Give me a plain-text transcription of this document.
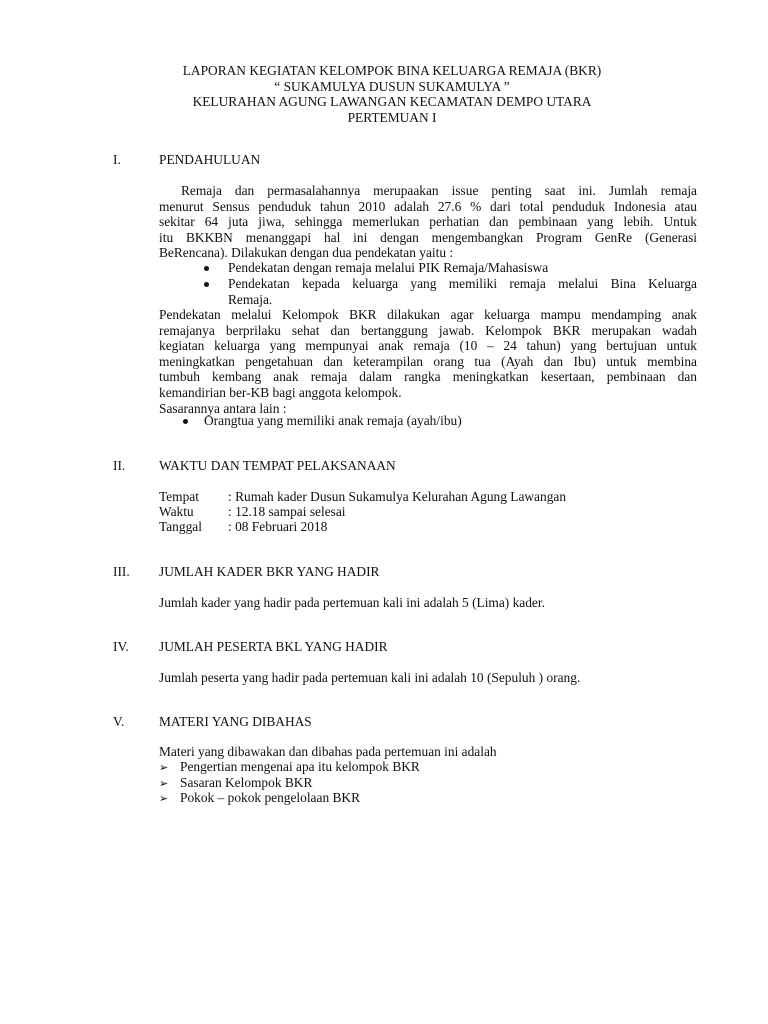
LAPORAN KEGIATAN KELOMPOK BINA KELUARGA REMAJA (BKR)
“ SUKAMULYA DUSUN SUKAMULYA ”
KELURAHAN AGUNG LAWANGAN KECAMATAN DEMPO UTARA
PERTEMUAN I
I.	PENDAHULUAN
Remaja dan permasalahannya merupaakan issue penting saat ini. Jumlah remaja
menurut Sensus penduduk tahun 2010 adalah 27.6 % dari total penduduk Indonesia atau
sekitar 64 juta jiwa, sehingga memerlukan perhatian dan pembinaan yang lebih. Untuk
itu BKKBN menanggapi hal ini dengan mengembangkan Program GenRe (Generasi
BeRencana). Dilakukan dengan dua pendekatan yaitu :
Pendekatan dengan remaja melalui PIK Remaja/Mahasiswa
Pendekatan kepada keluarga yang memiliki remaja melalui Bina Keluarga
Remaja.
Pendekatan melalui Kelompok BKR dilakukan agar keluarga mampu mendamping anak
remajanya berprilaku sehat dan bertanggung jawab. Kelompok BKR merupakan wadah
kegiatan keluarga yang mempunyai anak remaja (10 – 24 tahun) yang bertujuan untuk
meningkatkan pengetahuan dan keterampilan orang tua (Ayah dan Ibu) untuk membina
tumbuh kembang anak remaja dalam rangka meningkatkan kesertaan, pembinaan dan
kemandirian ber-KB bagi anggota kelompok.
Sasarannya antara lain :
Orangtua yang memiliki anak remaja (ayah/ibu)
II.	WAKTU DAN TEMPAT PELAKSANAAN
Tempat : Rumah kader Dusun Sukamulya Kelurahan Agung Lawangan
Waktu	: 12.18 sampai selesai
Tanggal : 08 Februari 2018
III. JUMLAH KADER BKR YANG HADIR
Jumlah kader yang hadir pada pertemuan kali ini adalah 5 (Lima) kader.
IV. JUMLAH PESERTA BKL YANG HADIR
Jumlah peserta yang hadir pada pertemuan kali ini adalah 10 (Sepuluh ) orang.
V.	MATERI YANG DIBAHAS
Materi yang dibawakan dan dibahas pada pertemuan ini adalah
➢ Pengertian mengenai apa itu kelompok BKR
➢ Sasaran Kelompok BKR
➢ Pokok – pokok pengelolaan BKR
